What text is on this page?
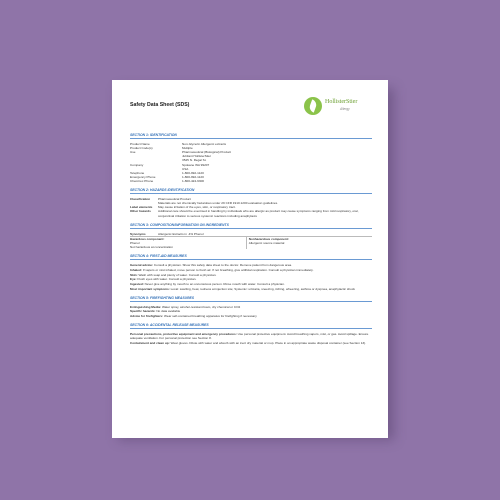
Safety Data Sheet (SDS)	HollisterStier
Allergy
SECTION 1: IDENTIFICATION
Product Name	Non-Glycerin Allergenic extracts
Product Code(s)	Multiple
Use	Pharmaceutical (Biological) Product
Jubilant HollisterStier
3525 N. Regal St.
Company	Spokane WA 99207
USA
Telephone	1-800-992-1120
Emergency Phone	1-800-992-1120
Chemtrec Phone	1-800-424-9300
SECTION 2: HAZARDS IDENTIFICATION
Classification	Pharmaceutical Product
Materials are not chemically hazardous under 29 CFR 1910.1200 evaluation guidelines.
Label elements	May cause irritation of the eyes, skin, or respiratory tract.
Other hazards	Additional care should be exercised in handling by individuals who are allergic as product may cause symptoms ranging from mild respiratory, oral, conjunctival irritation to serious systemic reactions including anaphylaxis
SECTION 3: COMPOSITION/INFORMATION ON INGREDIENTS
Synonyms	Allergenic Extracts in .4% Phenol
Hazardous component:
Phenol
Not hazardous at concentration
Nonhazardous component:
Allergenic source material
SECTION 4: FIRST-AID MEASURES

General advice: Consult a physician. Show this safety data sheet to the doctor. Remove patient from dangerous area.

Inhaled: If vapors or mist inhaled, move person to fresh air. If not breathing, give artificial respiration. Consult a physician immediately.

Skin: Wash with soap and plenty of water. Consult a physician.

Eye: Flush eyes with water. Consult a physician.

Ingested: Never give anything by mouth to an unconscious person. Rinse mouth with water. Consult a physician.

Most important symptoms: Local: swelling, heat, redness at injection site; Systemic: urticaria, sneezing, itching, wheezing, asthma or dyspnea, anaphylactic shock

SECTION 5: FIREFIGHTING MEASURES

Extinguishing Media: Water spray, alcohol-resistant foam, dry chemical or CO2

Specific hazards: No data available

Advice for firefighters: Wear self-contained breathing apparatus for firefighting if necessary

SECTION 6: ACCIDENTAL RELEASE MEASURES

Personal precautions, protective equipment and emergency procedures: Use personal protective equipment. Avoid breathing vapors, mist, or gas. Avoid spillage. Ensure adequate ventilation. For personal protection see Section 8.

Containment and clean up: Wear gloves. Dilute with water and absorb with an inert dry material or mop. Place in an appropriate waste disposal container (see Section 13).
